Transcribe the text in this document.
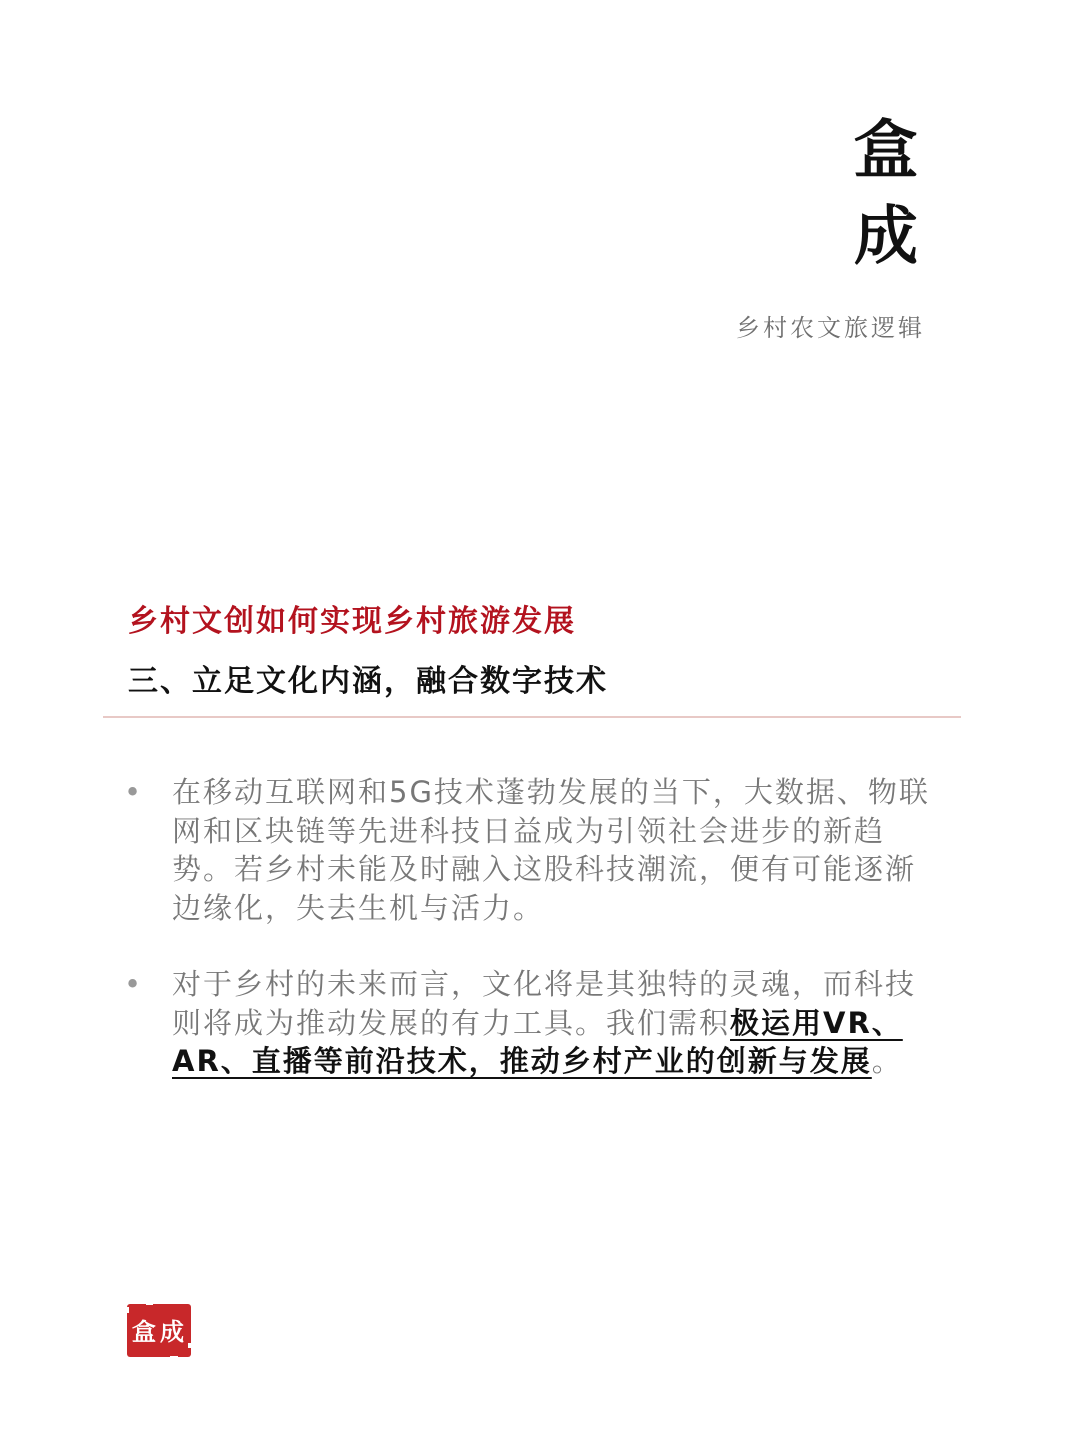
盒
成
乡村农文旅逻辑
乡村文创如何实现乡村旅游发展
三、立足文化内涵，融合数字技术
• 在移动互联网和5G技术蓬勃发展的当下，大数据、物联网和区块链等先进科技日益成为引领社会进步的新趋势。若乡村未能及时融入这股科技潮流，便有可能逐渐边缘化，失去生机与活力。
• 对于乡村的未来而言，文化将是其独特的灵魂，而科技则将成为推动发展的有力工具。我们需积极运用VR、AR、直播等前沿技术，推动乡村产业的创新与发展。
盒 成
